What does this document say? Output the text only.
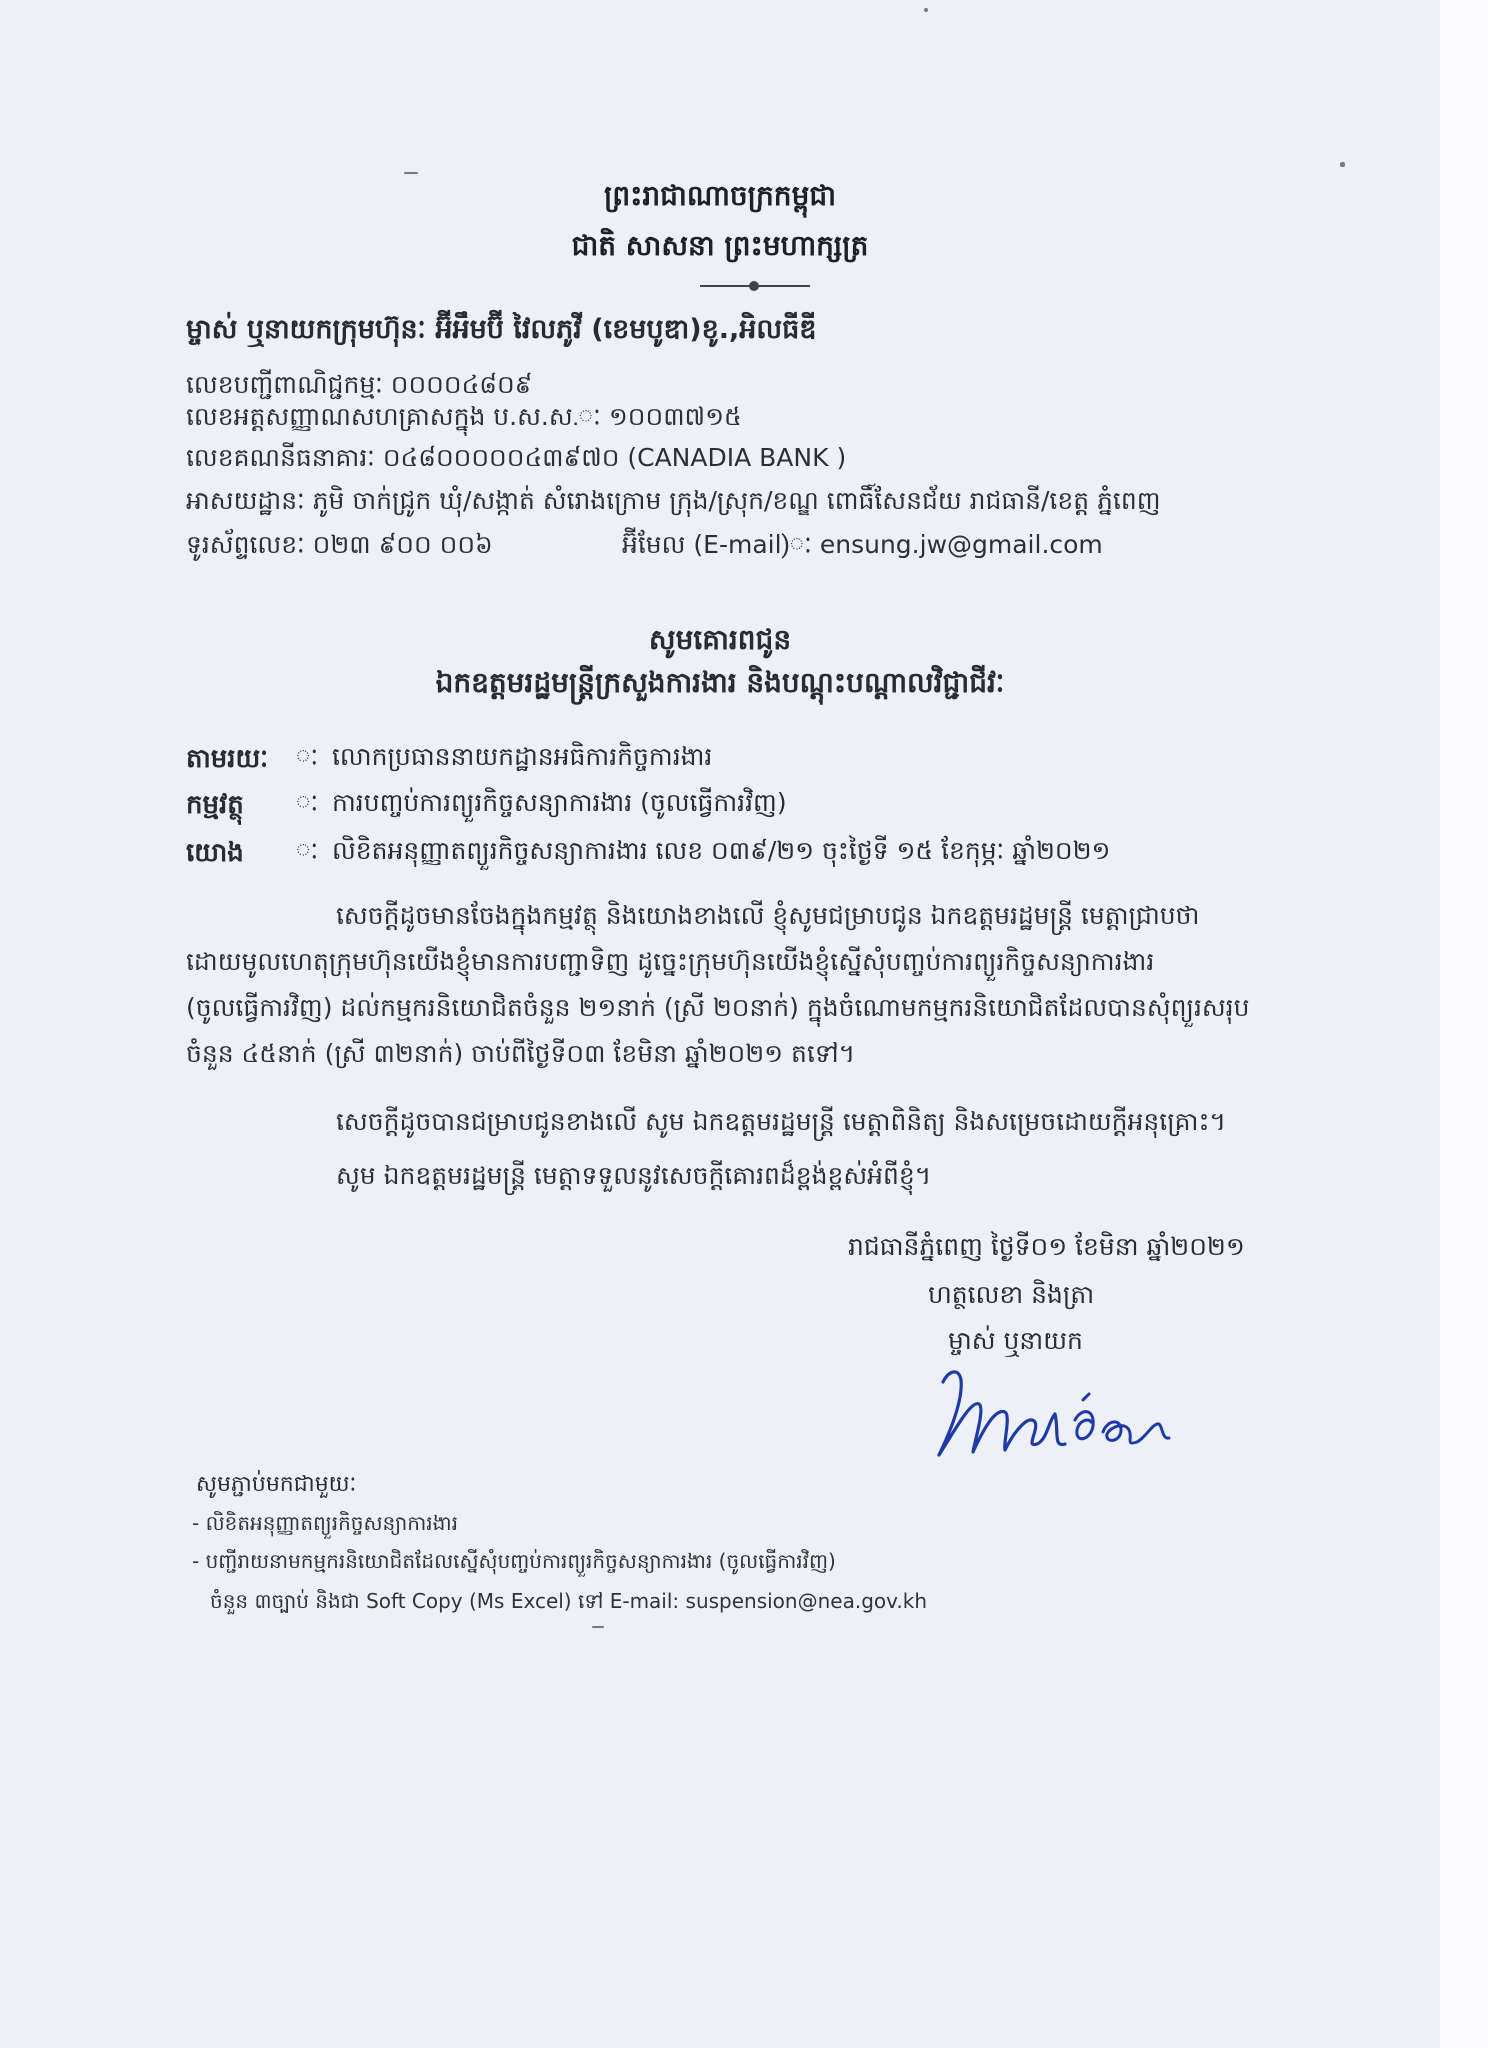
ព្រះរាជាណាចក្រកម្ពុជា
ជាតិ សាសនា ព្រះមហាក្សត្រ
ម្ចាស់ ឬនាយកក្រុមហ៊ុនៈ អ៊ីអឹមប៊ី វៃលភូវី (ខេមបូឌា)ខូ.,អិលធីឌី
លេខបញ្ជីពាណិជ្ជកម្មៈ ០០០០៤៨០៩
លេខអត្តសញ្ញាណសហគ្រាសក្នុង ប.ស.ស.ៈ ១០០៣៧១៥
លេខគណនីធនាគារៈ ០៤៨០០០០០៤៣៩៧០ (CANADIA BANK )
អាសយដ្ឋានៈ ភូមិ ចាក់ជ្រូក ឃុំ/សង្កាត់ សំរោងក្រោម ក្រុង/ស្រុក/ខណ្ឌ ពោធិ៍សែនជ័យ រាជធានី/ខេត្ត ភ្នំពេញ
ទូរស័ព្ទលេខៈ ០២៣ ៩០០ ០០៦	អ៊ីមែល (E-mail)ៈ ensung.jw@gmail.com
សូមគោរពជូន
ឯកឧត្តមរដ្ឋមន្ត្រីក្រសួងការងារ និងបណ្តុះបណ្តាលវិជ្ជាជីវៈ
តាមរយៈ ៈ លោកប្រធាននាយកដ្ឋានអធិការកិច្ចការងារ
កម្មវត្ថុ ៈ ការបញ្ចប់ការព្យួរកិច្ចសន្យាការងារ (ចូលធ្វើការវិញ)
យោង ៈ លិខិតអនុញ្ញាតព្យួរកិច្ចសន្យាការងារ លេខ ០៣៩/២១ ចុះថ្ងៃទី ១៥ ខែកុម្ភៈ ឆ្នាំ២០២១
សេចក្តីដូចមានចែងក្នុងកម្មវត្ថុ និងយោងខាងលើ ខ្ញុំសូមជម្រាបជូន ឯកឧត្តមរដ្ឋមន្ត្រី មេត្តាជ្រាបថា
ដោយមូលហេតុក្រុមហ៊ុនយើងខ្ញុំមានការបញ្ជាទិញ ដូច្នេះក្រុមហ៊ុនយើងខ្ញុំស្នើសុំបញ្ចប់ការព្យួរកិច្ចសន្យាការងារ
(ចូលធ្វើការវិញ) ដល់កម្មករនិយោជិតចំនួន ២១នាក់ (ស្រី ២០នាក់) ក្នុងចំណោមកម្មករនិយោជិតដែលបានសុំព្យួរសរុប
ចំនួន ៤៥នាក់ (ស្រី ៣២នាក់) ចាប់ពីថ្ងៃទី០៣ ខែមិនា ឆ្នាំ២០២១ តទៅ។
សេចក្តីដូចបានជម្រាបជូនខាងលើ សូម ឯកឧត្តមរដ្ឋមន្ត្រី មេត្តាពិនិត្យ និងសម្រេចដោយក្តីអនុគ្រោះ។
សូម ឯកឧត្តមរដ្ឋមន្ត្រី មេត្តាទទួលនូវសេចក្តីគោរពដ៏ខ្ពង់ខ្ពស់អំពីខ្ញុំ។
រាជធានីភ្នំពេញ ថ្ងៃទី០១ ខែមិនា ឆ្នាំ២០២១
ហត្ថលេខា និងត្រា
ម្ចាស់ ឬនាយក
សូមភ្ជាប់មកជាមួយៈ
- លិខិតអនុញ្ញាតព្យួរកិច្ចសន្យាការងារ
- បញ្ជីរាយនាមកម្មករនិយោជិតដែលស្នើសុំបញ្ចប់ការព្យួរកិច្ចសន្យាការងារ (ចូលធ្វើការវិញ)
ចំនួន ៣ច្បាប់ និងជា Soft Copy (Ms Excel) ទៅ E-mail: suspension@nea.gov.kh
